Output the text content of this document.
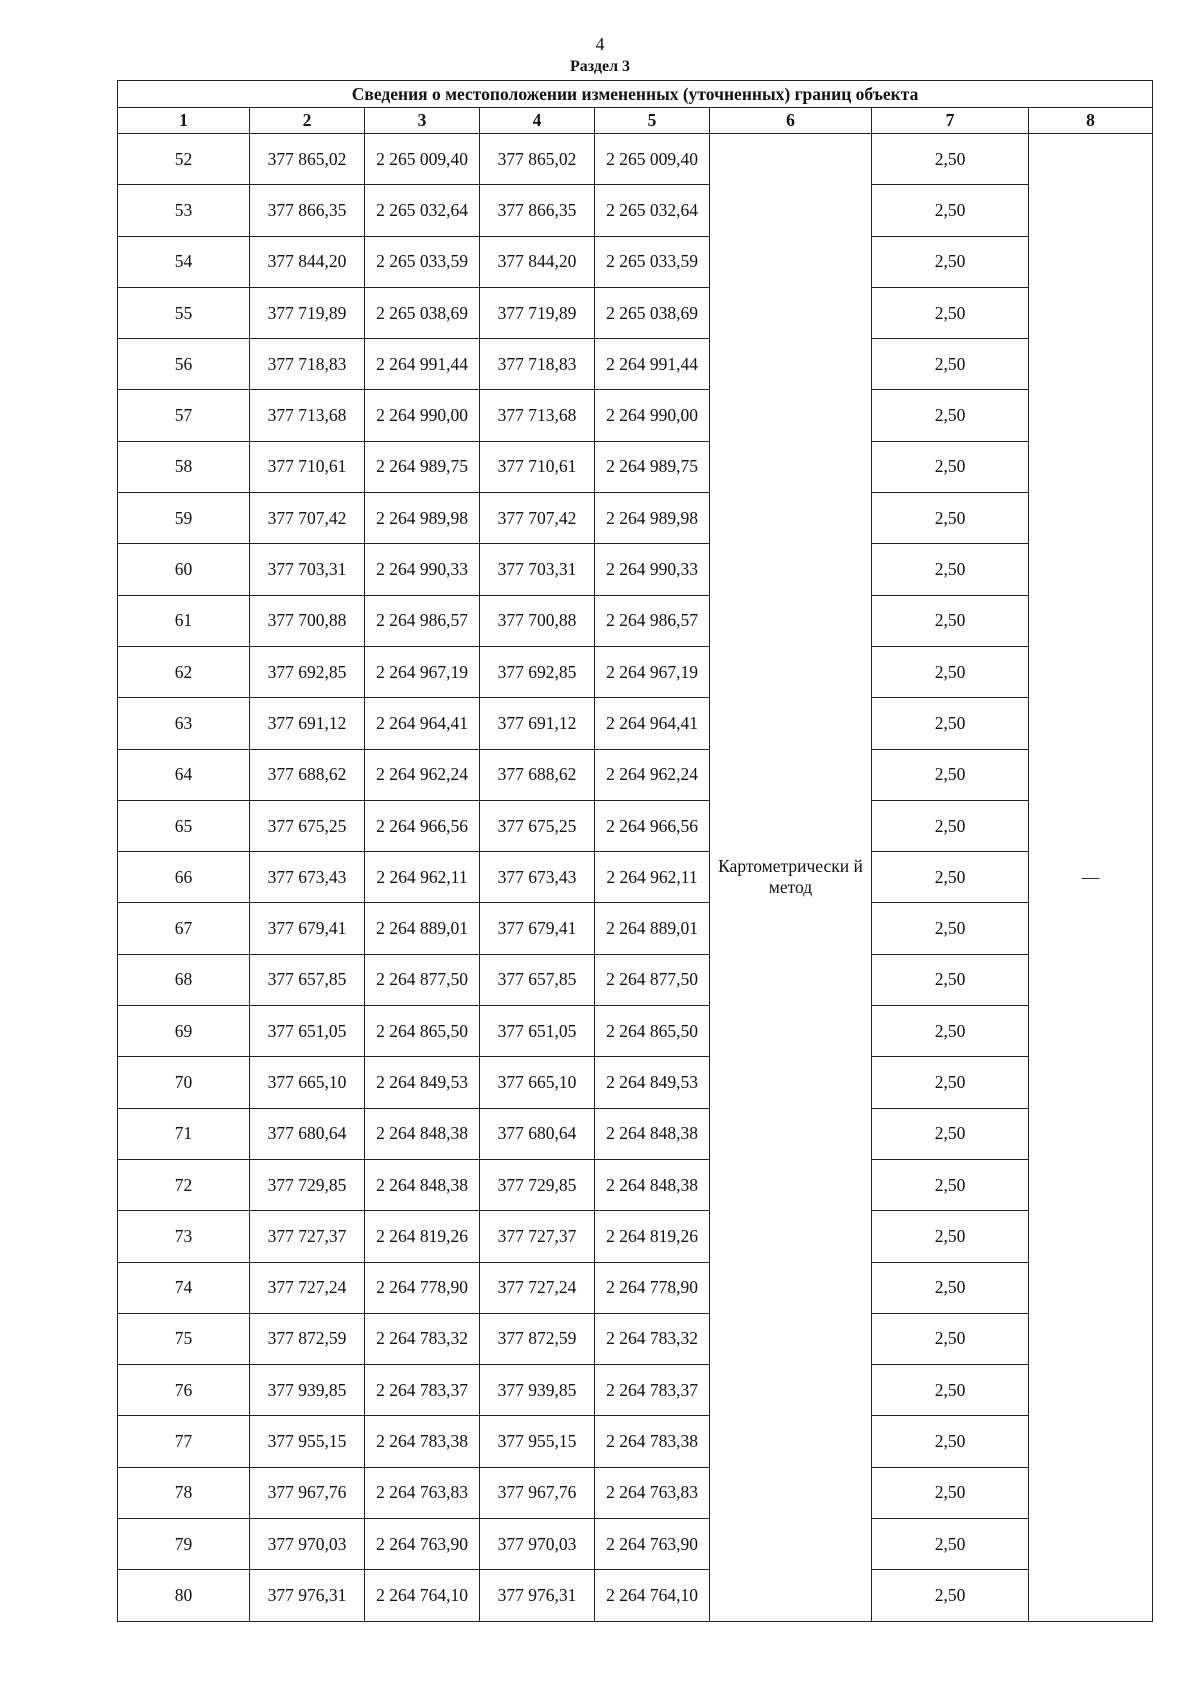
4
Раздел 3
Сведения о местоположении измененных (уточненных) границ объекта							
1	2	3	4	5	6	7	8
52	377 865,02	2 265 009,40	377 865,02	2 265 009,40	Картометрически й метод	2,50	—
53	377 866,35	2 265 032,64	377 866,35	2 265 032,64		2,50	
54	377 844,20	2 265 033,59	377 844,20	2 265 033,59		2,50	
55	377 719,89	2 265 038,69	377 719,89	2 265 038,69		2,50	
56	377 718,83	2 264 991,44	377 718,83	2 264 991,44		2,50	
57	377 713,68	2 264 990,00	377 713,68	2 264 990,00		2,50	
58	377 710,61	2 264 989,75	377 710,61	2 264 989,75		2,50	
59	377 707,42	2 264 989,98	377 707,42	2 264 989,98		2,50	
60	377 703,31	2 264 990,33	377 703,31	2 264 990,33		2,50	
61	377 700,88	2 264 986,57	377 700,88	2 264 986,57		2,50	
62	377 692,85	2 264 967,19	377 692,85	2 264 967,19		2,50	
63	377 691,12	2 264 964,41	377 691,12	2 264 964,41		2,50	
64	377 688,62	2 264 962,24	377 688,62	2 264 962,24		2,50	
65	377 675,25	2 264 966,56	377 675,25	2 264 966,56		2,50	
66	377 673,43	2 264 962,11	377 673,43	2 264 962,11		2,50	
67	377 679,41	2 264 889,01	377 679,41	2 264 889,01		2,50	
68	377 657,85	2 264 877,50	377 657,85	2 264 877,50		2,50	
69	377 651,05	2 264 865,50	377 651,05	2 264 865,50		2,50	
70	377 665,10	2 264 849,53	377 665,10	2 264 849,53		2,50	
71	377 680,64	2 264 848,38	377 680,64	2 264 848,38		2,50	
72	377 729,85	2 264 848,38	377 729,85	2 264 848,38		2,50	
73	377 727,37	2 264 819,26	377 727,37	2 264 819,26		2,50	
74	377 727,24	2 264 778,90	377 727,24	2 264 778,90		2,50	
75	377 872,59	2 264 783,32	377 872,59	2 264 783,32		2,50	
76	377 939,85	2 264 783,37	377 939,85	2 264 783,37		2,50	
77	377 955,15	2 264 783,38	377 955,15	2 264 783,38		2,50	
78	377 967,76	2 264 763,83	377 967,76	2 264 763,83		2,50	
79	377 970,03	2 264 763,90	377 970,03	2 264 763,90		2,50	
80	377 976,31	2 264 764,10	377 976,31	2 264 764,10		2,50	
